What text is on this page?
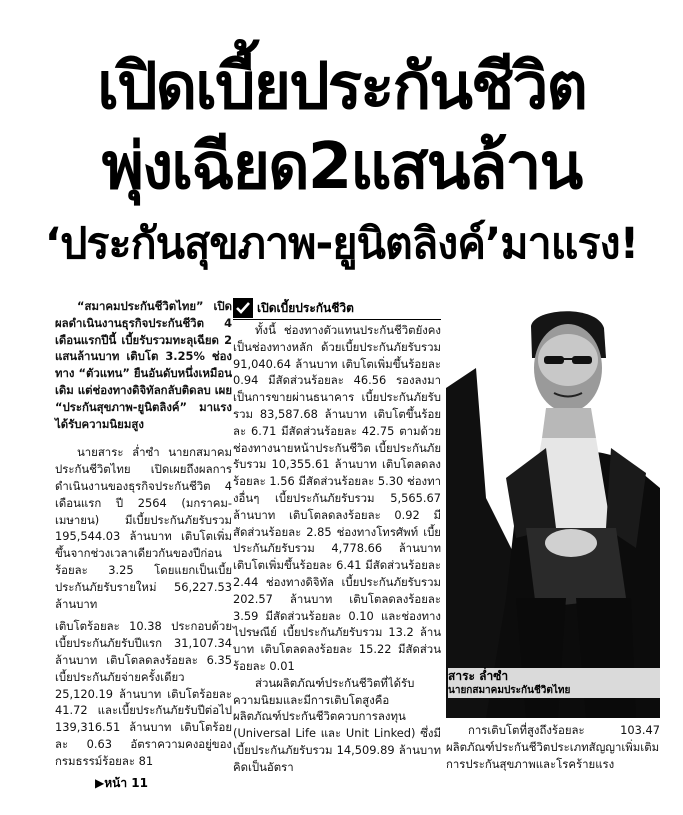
เปิดเบี้ยประกันชีวิต
พุ่งเฉียด2แสนล้าน
‘ประกันสุขภาพ-ยูนิตลิงค์’มาแรง!

“สมาคมประกันชีวิตไทย” เปิดผลดำเนินงานธุรกิจประกันชีวิต 4 เดือนแรกปีนี้ เบี้ยรับรวมทะลุเฉียด 2 แสนล้านบาท เติบโต 3.25% ช่องทาง “ตัวแทน” ยืนอันดับหนึ่งเหมือนเดิม แต่ช่องทางดิจิทัลกลับติดลบ เผย “ประกันสุขภาพ-ยูนิตลิงค์” มาแรงได้รับความนิยมสูง

นายสาระ ล่ำซำ นายกสมาคมประกันชีวิตไทย เปิดเผยถึงผลการดำเนินงานของธุรกิจประกันชีวิต 4 เดือนแรก ปี 2564 (มกราคม-เมษายน) มีเบี้ยประกันภัยรับรวม 195,544.03 ล้านบาท เติบโตเพิ่มขึ้นจากช่วงเวลาเดียวกันของปีก่อน ร้อยละ 3.25 โดยแยกเป็นเบี้ยประกันภัยรับรายใหม่ 56,227.53 ล้านบาท

เติบโตร้อยละ 10.38 ประกอบด้วยเบี้ยประกันภัยรับปีแรก 31,107.34 ล้านบาท เติบโตลดลงร้อยละ 6.35 เบี้ยประกันภัยจ่ายครั้งเดียว 25,120.19 ล้านบาท เติบโตร้อยละ 41.72 และเบี้ยประกันภัยรับปีต่อไป 139,316.51 ล้านบาท เติบโตร้อยละ 0.63 อัตราความคงอยู่ของกรมธรรม์ร้อยละ 81

▶หน้า 11
เปิดเบี้ยประกันชีวิต

ทั้งนี้ ช่องทางตัวแทนประกันชีวิตยังคงเป็นช่องทางหลัก ด้วยเบี้ยประกันภัยรับรวม 91,040.64 ล้านบาท เติบโตเพิ่มขึ้นร้อยละ 0.94 มีสัดส่วนร้อยละ 46.56 รองลงมาเป็นการขายผ่านธนาคาร เบี้ยประกันภัยรับรวม 83,587.68 ล้านบาท เติบโตขึ้นร้อยละ 6.71 มีสัดส่วนร้อยละ 42.75 ตามด้วยช่องทางนายหน้าประกันชีวิต เบี้ยประกันภัยรับรวม 10,355.61 ล้านบาท เติบโตลดลงร้อยละ 1.56 มีสัดส่วนร้อยละ 5.30 ช่องทางอื่นๆ เบี้ยประกันภัยรับรวม 5,565.67 ล้านบาท เติบโตลดลงร้อยละ 0.92 มีสัดส่วนร้อยละ 2.85 ช่องทางโทรศัพท์ เบี้ยประกันภัยรับรวม 4,778.66 ล้านบาท เติบโตเพิ่มขึ้นร้อยละ 6.41 มีสัดส่วนร้อยละ 2.44 ช่องทางดิจิทัล เบี้ยประกันภัยรับรวม 202.57 ล้านบาท เติบโตลดลงร้อยละ 3.59 มีสัดส่วนร้อยละ 0.10 และช่องทางไปรษณีย์ เบี้ยประกันภัยรับรวม 13.2 ล้านบาท เติบโตลดลงร้อยละ 15.22 มีสัดส่วนร้อยละ 0.01

ส่วนผลิตภัณฑ์ประกันชีวิตที่ได้รับความนิยมและมีการเติบโตสูงคือ ผลิตภัณฑ์ประกันชีวิตควบการลงทุน (Universal Life และ Unit Linked) ซึ่งมีเบี้ยประกันภัยรับรวม 14,509.89 ล้านบาท คิดเป็นอัตรา

สาระ ล่ำซำ
นายกสมาคมประกันชีวิตไทย

การเติบโตที่สูงถึงร้อยละ 103.47 ผลิตภัณฑ์ประกันชีวิตประเภทสัญญาเพิ่มเติมการประกันสุขภาพและโรคร้ายแรง
